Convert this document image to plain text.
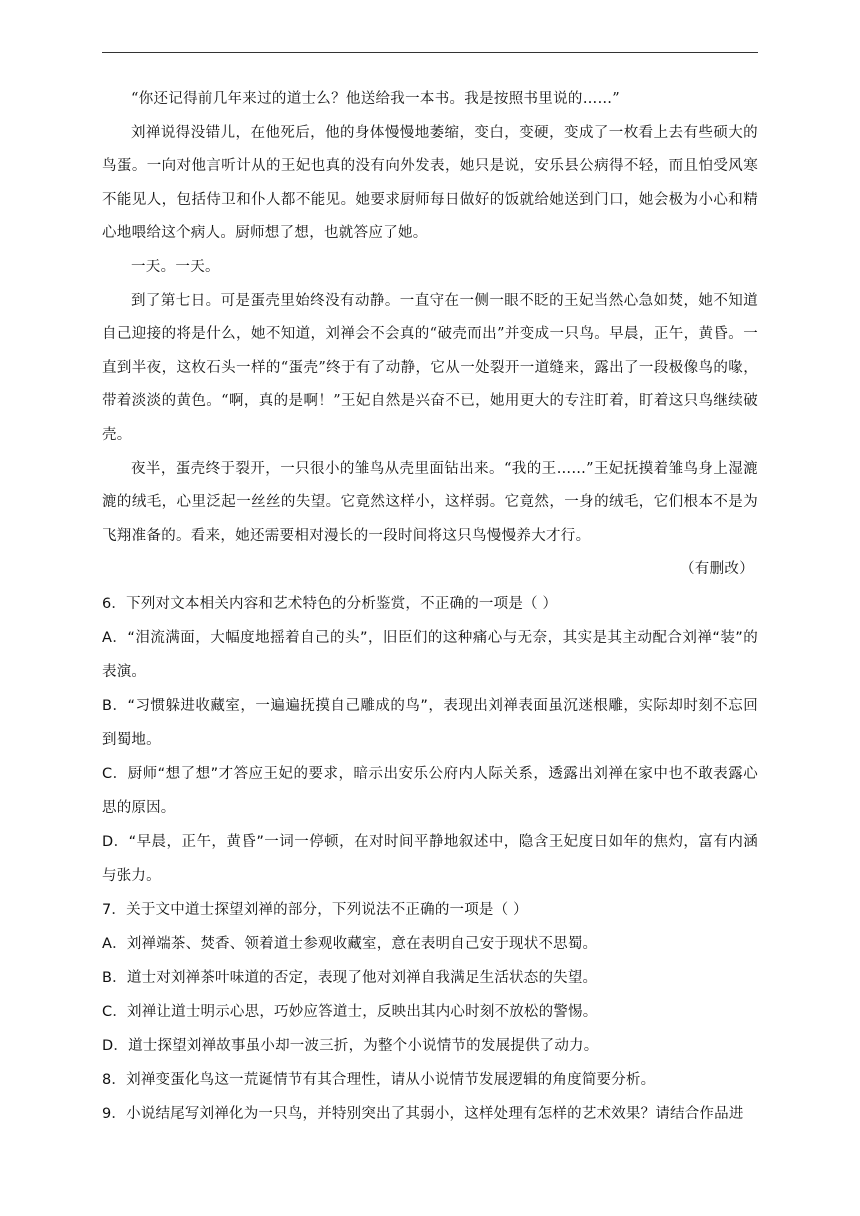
“你还记得前几年来过的道士么？他送给我一本书。我是按照书里说的……”

刘禅说得没错儿，在他死后，他的身体慢慢地萎缩，变白，变硬，变成了一枚看上去有些硕大的鸟蛋。一向对他言听计从的王妃也真的没有向外发表，她只是说，安乐县公病得不轻，而且怕受风寒不能见人，包括侍卫和仆人都不能见。她要求厨师每日做好的饭就给她送到门口，她会极为小心和精心地喂给这个病人。厨师想了想，也就答应了她。

一天。一天。

到了第七日。可是蛋壳里始终没有动静。一直守在一侧一眼不眨的王妃当然心急如焚，她不知道自己迎接的将是什么，她不知道，刘禅会不会真的“破壳而出”并变成一只鸟。早晨，正午，黄昏。一直到半夜，这枚石头一样的“蛋壳”终于有了动静，它从一处裂开一道缝来，露出了一段极像鸟的喙，带着淡淡的黄色。“啊，真的是啊！”王妃自然是兴奋不已，她用更大的专注盯着，盯着这只鸟继续破壳。

夜半，蛋壳终于裂开，一只很小的雏鸟从壳里面钻出来。“我的王……”王妃抚摸着雏鸟身上湿漉漉的绒毛，心里泛起一丝丝的失望。它竟然这样小，这样弱。它竟然，一身的绒毛，它们根本不是为飞翔准备的。看来，她还需要相对漫长的一段时间将这只鸟慢慢养大才行。

（有删改）

6．下列对文本相关内容和艺术特色的分析鉴赏，不正确的一项是（ ）

A．“泪流满面，大幅度地摇着自己的头”，旧臣们的这种痛心与无奈，其实是其主动配合刘禅“装”的表演。

B．“习惯躲进收藏室，一遍遍抚摸自己雕成的鸟”，表现出刘禅表面虽沉迷根雕，实际却时刻不忘回到蜀地。

C．厨师“想了想”才答应王妃的要求，暗示出安乐公府内人际关系，透露出刘禅在家中也不敢表露心思的原因。

D．“早晨，正午，黄昏”一词一停顿，在对时间平静地叙述中，隐含王妃度日如年的焦灼，富有内涵与张力。

7．关于文中道士探望刘禅的部分，下列说法不正确的一项是（ ）

A．刘禅端茶、焚香、领着道士参观收藏室，意在表明自己安于现状不思蜀。

B．道士对刘禅茶叶味道的否定，表现了他对刘禅自我满足生活状态的失望。

C．刘禅让道士明示心思，巧妙应答道士，反映出其内心时刻不放松的警惕。

D．道士探望刘禅故事虽小却一波三折，为整个小说情节的发展提供了动力。

8．刘禅变蛋化鸟这一荒诞情节有其合理性，请从小说情节发展逻辑的角度简要分析。

9．小说结尾写刘禅化为一只鸟，并特别突出了其弱小，这样处理有怎样的艺术效果？请结合作品进
